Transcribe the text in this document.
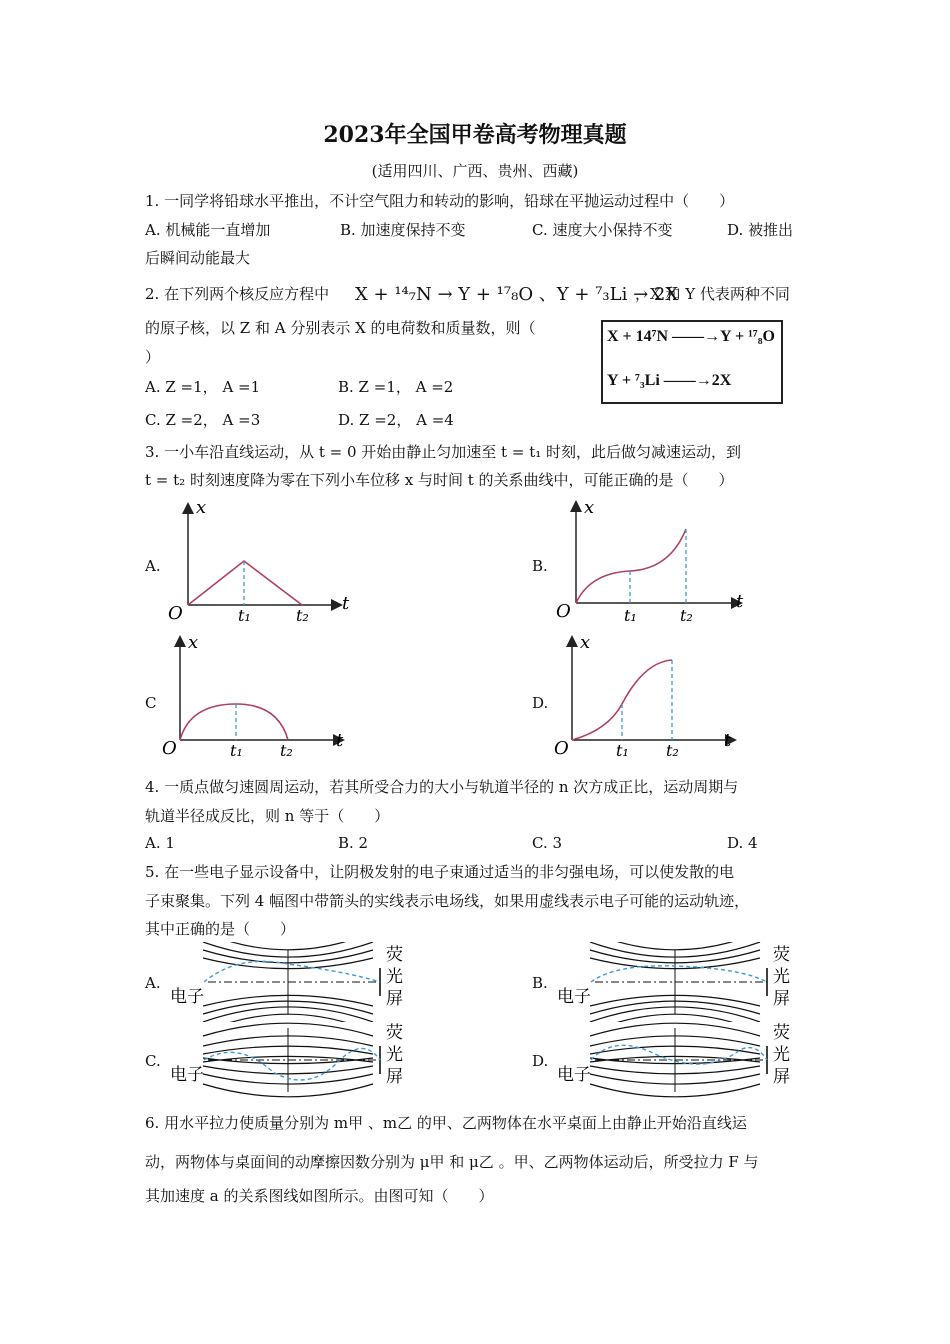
2023年全国甲卷高考物理真题
(适用四川、广西、贵州、西藏)
1. 一同学将铅球水平推出，不计空气阻力和转动的影响，铅球在平抛运动过程中（　　）
A. 机械能一直增加	B. 加速度保持不变	C. 速度大小保持不变	D. 被推出
后瞬间动能最大
2. 在下列两个核反应方程中 X + ¹⁴₇N → Y + ¹⁷₈O 、Y + ⁷₃Li → 2X
，X 和 Y 代表两种不同
的原子核，以 Z 和 A 分别表示 X 的电荷数和质量数，则（
）
X + 14⁷N ——→Y + ¹⁷₈O
Y + ⁷₃Li ——→2X
A. Z =1， A =1	B. Z =1， A =2
C. Z =2， A =3	D. Z =2， A =4
3. 一小车沿直线运动，从 t = 0 开始由静止匀加速至 t = t₁ 时刻，此后做匀减速运动，到
t = t₂ 时刻速度降为零在下列小车位移 x 与时间 t 的关系曲线中，可能正确的是（　　）
A.	B.
C	D.
x
t
O	t₁	t₂
x
t
O	t₁	t₂
x
t
O	t₁ t₂
x
t
O	t₁ t₂
4. 一质点做匀速圆周运动，若其所受合力的大小与轨道半径的 n 次方成正比，运动周期与
轨道半径成反比，则 n 等于（　　）
A. 1	B. 2	C. 3	D. 4
5. 在一些电子显示设备中，让阴极发射的电子束通过适当的非匀强电场，可以使发散的电
子束聚集。下列 4 幅图中带箭头的实线表示电场线，如果用虚线表示电子可能的运动轨迹，
其中正确的是（　　）
A.	B.
C.	D.
电子
荧
光
屏	电子
荧
光
屏
电子
荧
光
屏	电子
荧
光
屏
6. 用水平拉力使质量分别为 m甲 、m乙 的甲、乙两物体在水平桌面上由静止开始沿直线运
动，两物体与桌面间的动摩擦因数分别为 μ甲 和 μ乙 。甲、乙两物体运动后，所受拉力 F 与
其加速度 a 的关系图线如图所示。由图可知（　　）
